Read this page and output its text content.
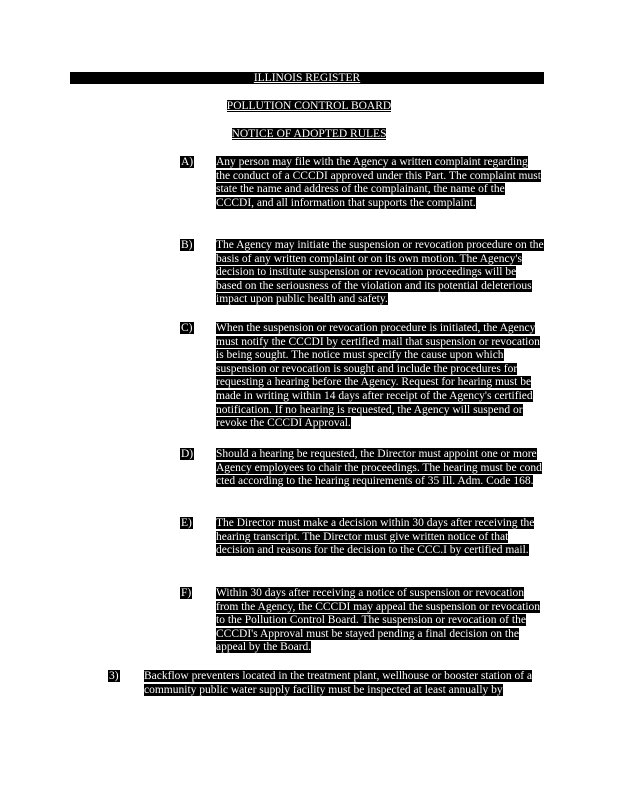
ILLINOIS REGISTER
POLLUTION CONTROL BOARD
NOTICE OF ADOPTED RULES
A) Any person may file with the Agency a written complaint regarding the conduct of a CCCDI approved under this Part. The complaint must state the name and address of the complainant, the name of the CCCDI, and all information that supports the complaint.
B) The Agency may initiate the suspension or revocation procedure on the basis of any written complaint or on its own motion. The Agency's decision to institute suspension or revocation proceedings will be based on the seriousness of the violation and its potential deleterious impact upon public health and safety.
C) When the suspension or revocation procedure is initiated, the Agency must notify the CCCDI by certified mail that suspension or revocation is being sought. The notice must specify the cause upon which suspension or revocation is sought and include the procedures for requesting a hearing before the Agency. Request for hearing must be made in writing within 14 days after receipt of the Agency's certified notification. If no hearing is requested, the Agency will suspend or revoke the CCCDI Approval.
D) Should a hearing be requested, the Director must appoint one or more Agency employees to chair the proceedings. The hearing must be cond cted according to the hearing requirements of 35 Ill. Adm. Code 168.
E) The Director must make a decision within 30 days after receiving the hearing transcript. The Director must give written notice of that decision and reasons for the decision to the CCC.I by certified mail.
F) Within 30 days after receiving a notice of suspension or revocation from the Agency, the CCCDI may appeal the suspension or revocation to the Pollution Control Board. The suspension or revocation of the CCCDI's Approval must be stayed pending a final decision on the appeal by the Board.
3) Backflow preventers located in the treatment plant, wellhouse or booster station of a community public water supply facility must be inspected at least annually by
